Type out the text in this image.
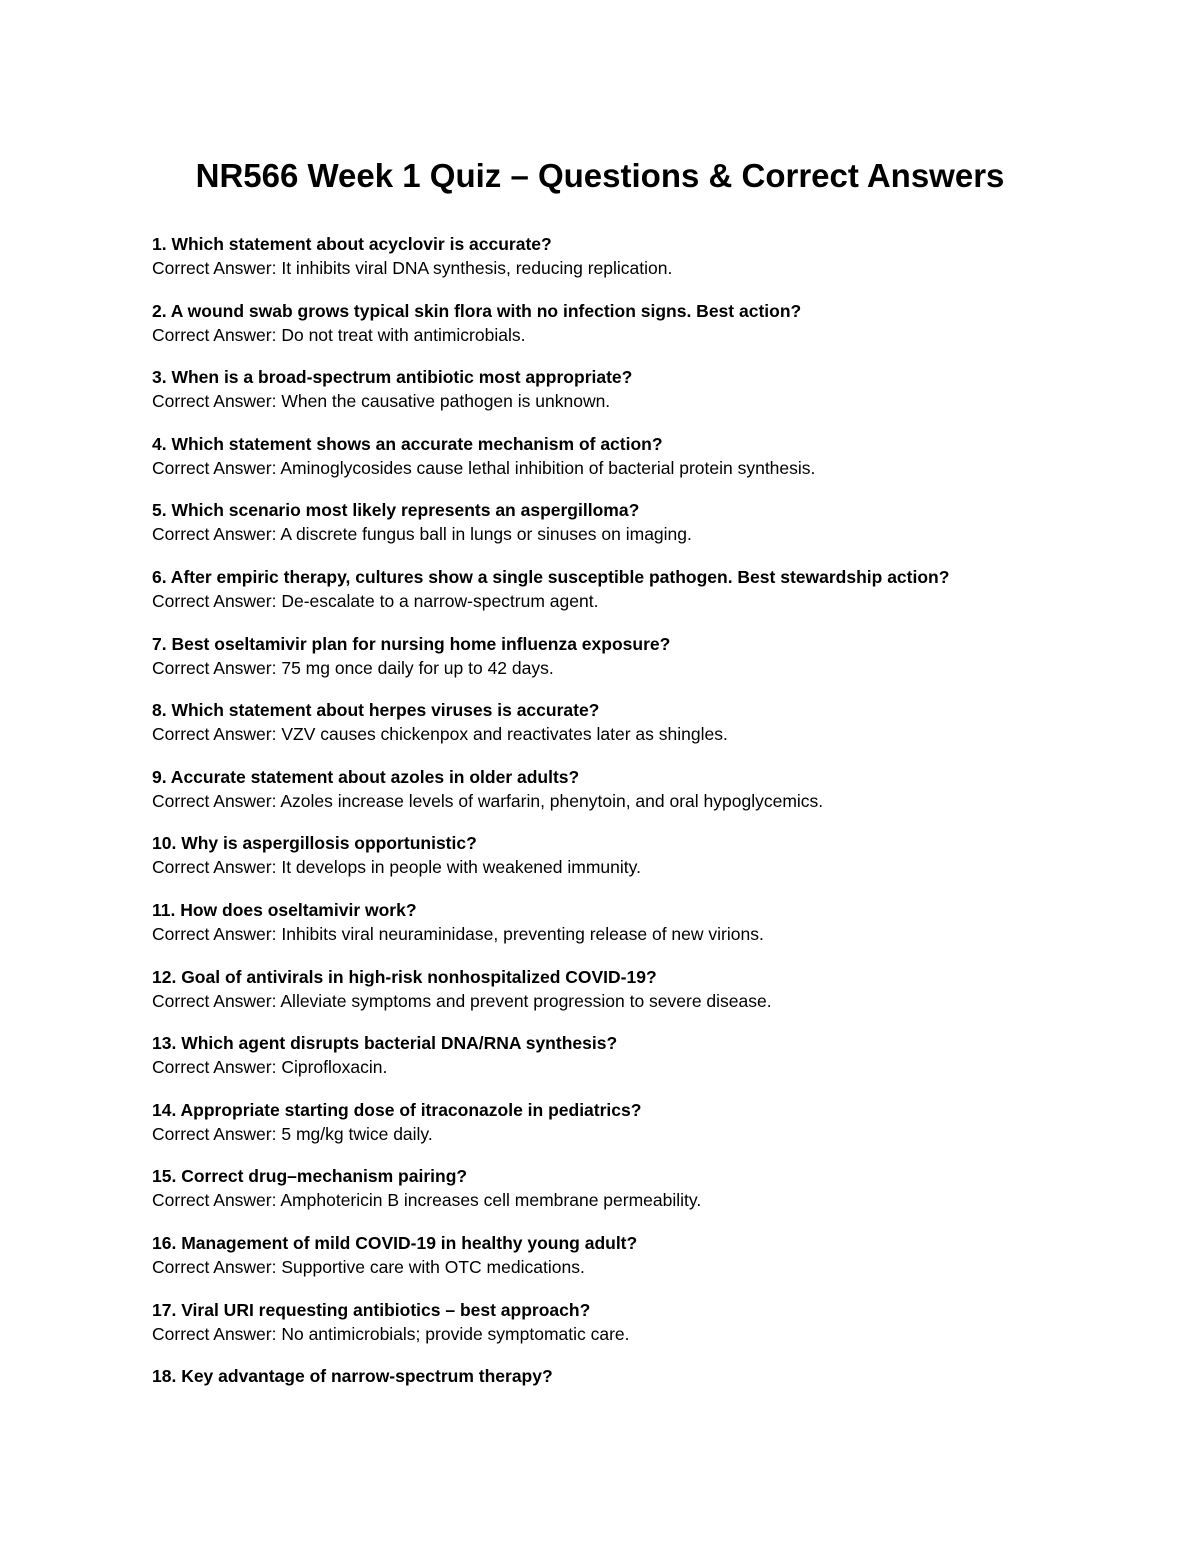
NR566 Week 1 Quiz – Questions & Correct Answers
1. Which statement about acyclovir is accurate?
Correct Answer: It inhibits viral DNA synthesis, reducing replication.
2. A wound swab grows typical skin flora with no infection signs. Best action?
Correct Answer: Do not treat with antimicrobials.
3. When is a broad-spectrum antibiotic most appropriate?
Correct Answer: When the causative pathogen is unknown.
4. Which statement shows an accurate mechanism of action?
Correct Answer: Aminoglycosides cause lethal inhibition of bacterial protein synthesis.
5. Which scenario most likely represents an aspergilloma?
Correct Answer: A discrete fungus ball in lungs or sinuses on imaging.
6. After empiric therapy, cultures show a single susceptible pathogen. Best stewardship action?
Correct Answer: De-escalate to a narrow-spectrum agent.
7. Best oseltamivir plan for nursing home influenza exposure?
Correct Answer: 75 mg once daily for up to 42 days.
8. Which statement about herpes viruses is accurate?
Correct Answer: VZV causes chickenpox and reactivates later as shingles.
9. Accurate statement about azoles in older adults?
Correct Answer: Azoles increase levels of warfarin, phenytoin, and oral hypoglycemics.
10. Why is aspergillosis opportunistic?
Correct Answer: It develops in people with weakened immunity.
11. How does oseltamivir work?
Correct Answer: Inhibits viral neuraminidase, preventing release of new virions.
12. Goal of antivirals in high-risk nonhospitalized COVID-19?
Correct Answer: Alleviate symptoms and prevent progression to severe disease.
13. Which agent disrupts bacterial DNA/RNA synthesis?
Correct Answer: Ciprofloxacin.
14. Appropriate starting dose of itraconazole in pediatrics?
Correct Answer: 5 mg/kg twice daily.
15. Correct drug–mechanism pairing?
Correct Answer: Amphotericin B increases cell membrane permeability.
16. Management of mild COVID-19 in healthy young adult?
Correct Answer: Supportive care with OTC medications.
17. Viral URI requesting antibiotics – best approach?
Correct Answer: No antimicrobials; provide symptomatic care.
18. Key advantage of narrow-spectrum therapy?
